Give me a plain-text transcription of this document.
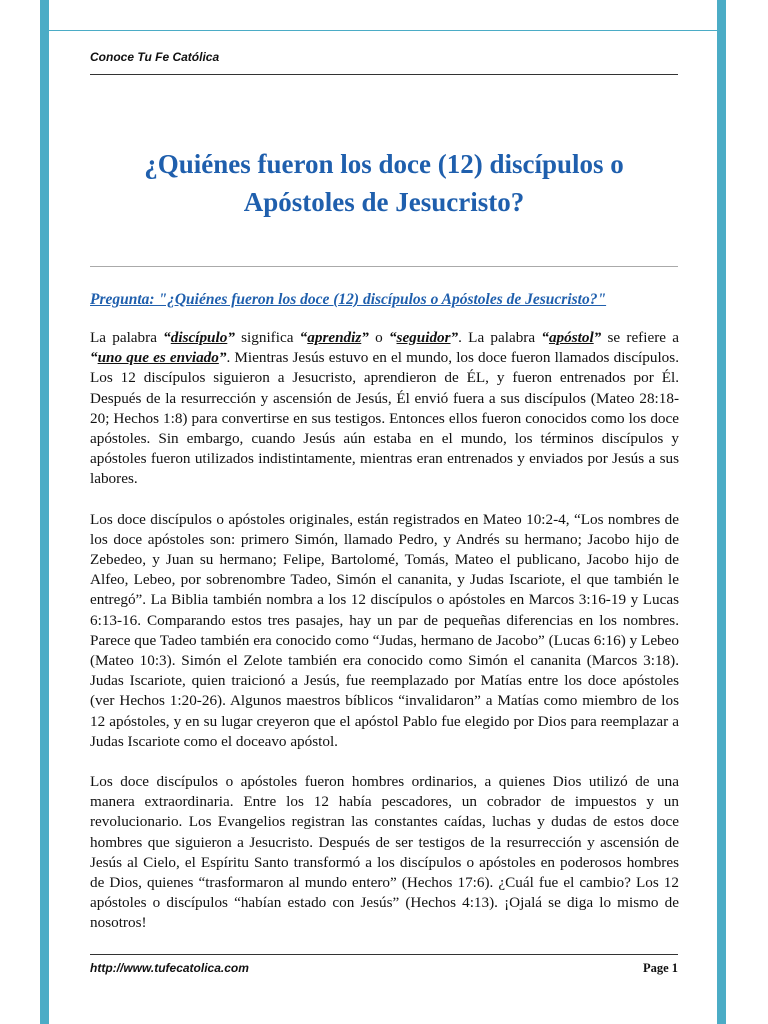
Conoce Tu Fe Católica
¿Quiénes fueron los doce (12) discípulos o
Apóstoles de Jesucristo?
Pregunta: "¿Quiénes fueron los doce (12) discípulos o Apóstoles de Jesucristo?"

La palabra “discípulo” significa “aprendiz” o “seguidor”. La palabra “apóstol” se refiere a “uno que es enviado”. Mientras Jesús estuvo en el mundo, los doce fueron llamados discípulos. Los 12 discípulos siguieron a Jesucristo, aprendieron de ÉL, y fueron entrenados por Él. Después de la resurrección y ascensión de Jesús, Él envió fuera a sus discípulos (Mateo 28:18-20; Hechos 1:8) para convertirse en sus testigos. Entonces ellos fueron conocidos como los doce apóstoles. Sin embargo, cuando Jesús aún estaba en el mundo, los términos discípulos y apóstoles fueron utilizados indistintamente, mientras eran entrenados y enviados por Jesús a sus labores.

Los doce discípulos o apóstoles originales, están registrados en Mateo 10:2-4, “Los nombres de los doce apóstoles son: primero Simón, llamado Pedro, y Andrés su hermano; Jacobo hijo de Zebedeo, y Juan su hermano; Felipe, Bartolomé, Tomás, Mateo el publicano, Jacobo hijo de Alfeo, Lebeo, por sobrenombre Tadeo, Simón el cananita, y Judas Iscariote, el que también le entregó”. La Biblia también nombra a los 12 discípulos o apóstoles en Marcos 3:16-19 y Lucas 6:13-16. Comparando estos tres pasajes, hay un par de pequeñas diferencias en los nombres. Parece que Tadeo también era conocido como “Judas, hermano de Jacobo” (Lucas 6:16) y Lebeo (Mateo 10:3). Simón el Zelote también era conocido como Simón el cananita (Marcos 3:18). Judas Iscariote, quien traicionó a Jesús, fue reemplazado por Matías entre los doce apóstoles (ver Hechos 1:20-26). Algunos maestros bíblicos “invalidaron” a Matías como miembro de los 12 apóstoles, y en su lugar creyeron que el apóstol Pablo fue elegido por Dios para reemplazar a Judas Iscariote como el doceavo apóstol.

Los doce discípulos o apóstoles fueron hombres ordinarios, a quienes Dios utilizó de una manera extraordinaria. Entre los 12 había pescadores, un cobrador de impuestos y un revolucionario. Los Evangelios registran las constantes caídas, luchas y dudas de estos doce hombres que siguieron a Jesucristo. Después de ser testigos de la resurrección y ascensión de Jesús al Cielo, el Espíritu Santo transformó a los discípulos o apóstoles en poderosos hombres de Dios, quienes “trasformaron al mundo entero” (Hechos 17:6). ¿Cuál fue el cambio? Los 12 apóstoles o discípulos “habían estado con Jesús” (Hechos 4:13). ¡Ojalá se diga lo mismo de nosotros!

http://www.tufecatolica.com	Page 1
